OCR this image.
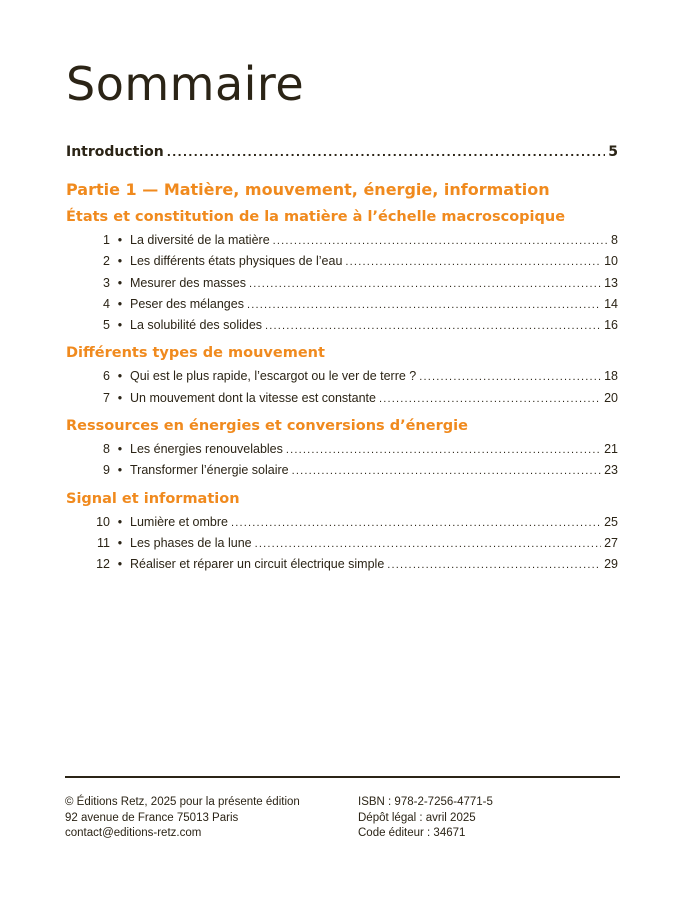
Sommaire
Introduction .....	5
Partie 1 — Matière, mouvement, énergie, information
États et constitution de la matière à l’échelle macroscopique
1 • La diversité de la matière .....	8
2 • Les différents états physiques de l’eau .....	10
3 • Mesurer des masses .....	13
4 • Peser des mélanges .....	14
5 • La solubilité des solides .....	16
Différents types de mouvement
6 • Qui est le plus rapide, l’escargot ou le ver de terre ? .....	18
7 • Un mouvement dont la vitesse est constante .....	20
Ressources en énergies et conversions d’énergie
8 • Les énergies renouvelables .....	21
9 • Transformer l’énergie solaire .....	23
Signal et information
10 • Lumière et ombre .....	25
11 • Les phases de la lune .....	27
12 • Réaliser et réparer un circuit électrique simple .....	29
© Éditions Retz, 2025 pour la présente édition
92 avenue de France 75013 Paris
contact@editions-retz.com
ISBN : 978-2-7256-4771-5
Dépôt légal : avril 2025
Code éditeur : 34671
